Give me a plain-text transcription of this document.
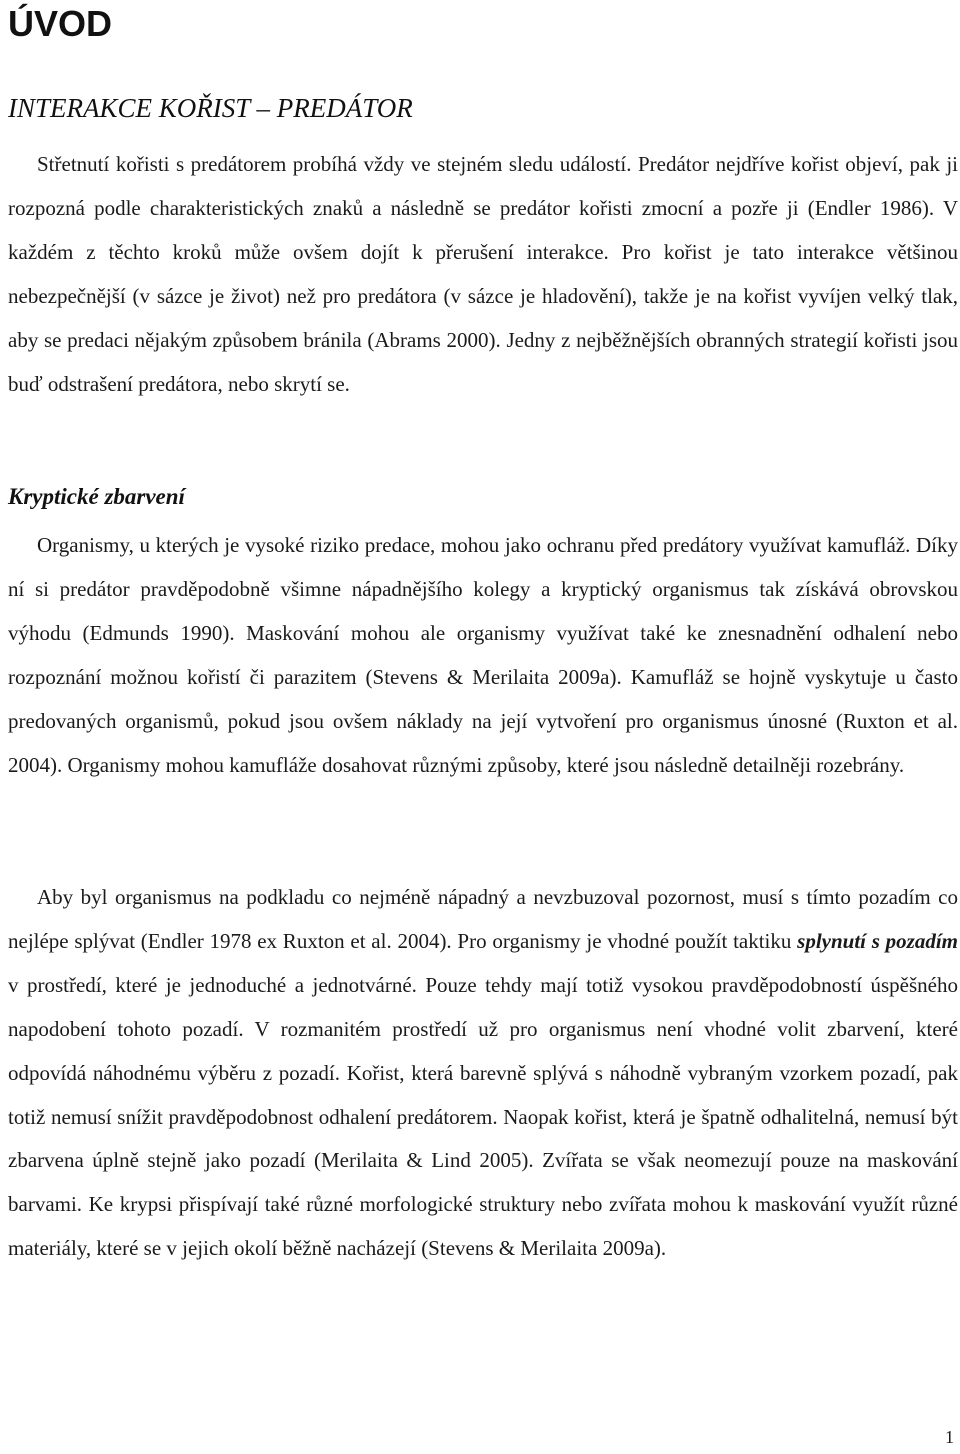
ÚVOD
INTERAKCE KOŘIST – PREDÁTOR

Střetnutí kořisti s predátorem probíhá vždy ve stejném sledu událostí. Predátor nejdříve kořist objeví, pak ji rozpozná podle charakteristických znaků a následně se predátor kořisti zmocní a pozře ji (Endler 1986). V každém z těchto kroků může ovšem dojít k přerušení interakce. Pro kořist je tato interakce většinou nebezpečnější (v sázce je život) než pro predátora (v sázce je hladovění), takže je na kořist vyvíjen velký tlak, aby se predaci nějakým způsobem bránila (Abrams 2000). Jedny z nejběžnějších obranných strategií kořisti jsou buď odstrašení predátora, nebo skrytí se.

Kryptické zbarvení

Organismy, u kterých je vysoké riziko predace, mohou jako ochranu před predátory využívat kamufláž. Díky ní si predátor pravděpodobně všimne nápadnějšího kolegy a kryptický organismus tak získává obrovskou výhodu (Edmunds 1990). Maskování mohou ale organismy využívat také ke znesnadnění odhalení nebo rozpoznání možnou kořistí či parazitem (Stevens & Merilaita 2009a). Kamufláž se hojně vyskytuje u často predovaných organismů, pokud jsou ovšem náklady na její vytvoření pro organismus únosné (Ruxton et al. 2004). Organismy mohou kamufláže dosahovat různými způsoby, které jsou následně detailněji rozebrány.

Aby byl organismus na podkladu co nejméně nápadný a nevzbuzoval pozornost, musí s tímto pozadím co nejlépe splývat (Endler 1978 ex Ruxton et al. 2004). Pro organismy je vhodné použít taktiku splynutí s pozadím v prostředí, které je jednoduché a jednotvárné. Pouze tehdy mají totiž vysokou pravděpodobností úspěšného napodobení tohoto pozadí. V rozmanitém prostředí už pro organismus není vhodné volit zbarvení, které odpovídá náhodnému výběru z pozadí. Kořist, která barevně splývá s náhodně vybraným vzorkem pozadí, pak totiž nemusí snížit pravděpodobnost odhalení predátorem. Naopak kořist, která je špatně odhalitelná, nemusí být zbarvena úplně stejně jako pozadí (Merilaita & Lind 2005). Zvířata se však neomezují pouze na maskování barvami. Ke krypsi přispívají také různé morfologické struktury nebo zvířata mohou k maskování využít různé materiály, které se v jejich okolí běžně nacházejí (Stevens & Merilaita 2009a).

1
